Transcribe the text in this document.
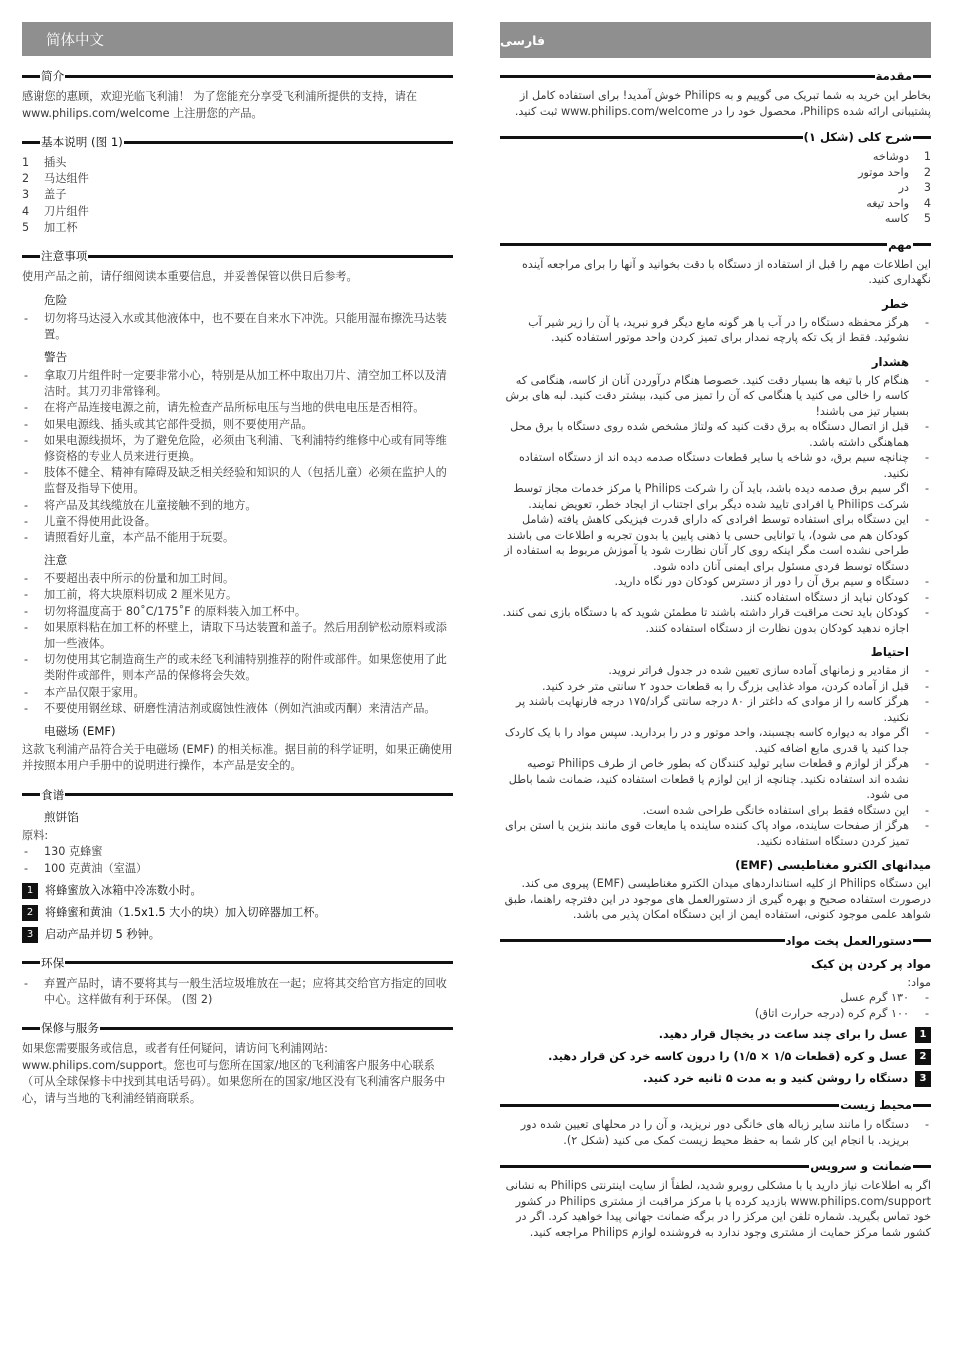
简体中文
简介

感谢您的惠顾，欢迎光临飞利浦！ 为了您能充分享受飞利浦所提供的支持，请在 www.philips.com/welcome 上注册您的产品。

基本说明 (图 1)
1 插头
2 马达组件
3 盖子
4 刀片组件
5 加工杯
注意事项

使用产品之前，请仔细阅读本重要信息，并妥善保管以供日后参考。

危险
- 切勿将马达浸入水或其他液体中，也不要在自来水下冲洗。只能用湿布擦洗马达装置。
警告
- 拿取刀片组件时一定要非常小心，特别是从加工杯中取出刀片、清空加工杯以及清洁时。其刀刃非常锋利。
- 在将产品连接电源之前，请先检查产品所标电压与当地的供电电压是否相符。
- 如果电源线、插头或其它部件受损，则不要使用产品。
- 如果电源线损坏，为了避免危险，必须由飞利浦、飞利浦特约维修中心或有同等维修资格的专业人员来进行更换。
- 肢体不健全、精神有障碍及缺乏相关经验和知识的人（包括儿童）必须在监护人的监督及指导下使用。
- 将产品及其线缆放在儿童接触不到的地方。
- 儿童不得使用此设备。
- 请照看好儿童，本产品不能用于玩耍。
注意
- 不要超出表中所示的份量和加工时间。
- 加工前，将大块原料切成 2 厘米见方。
- 切勿将温度高于 80˚C/175˚F 的原料装入加工杯中。
- 如果原料粘在加工杯的杯壁上，请取下马达装置和盖子。然后用刮铲松动原料或添加一些液体。
- 切勿使用其它制造商生产的或未经飞利浦特别推荐的附件或部件。如果您使用了此类附件或部件，则本产品的保修将会失效。
- 本产品仅限于家用。
- 不要使用钢丝球、研磨性清洁剂或腐蚀性液体（例如汽油或丙酮）来清洁产品。
电磁场 (EMF)

这款飞利浦产品符合关于电磁场 (EMF) 的相关标准。据目前的科学证明，如果正确使用并按照本用户手册中的说明进行操作，本产品是安全的。

食谱
煎饼馅

原料:

- 130 克蜂蜜
- 100 克黄油（室温）
1	将蜂蜜放入冰箱中冷冻数小时。
2	将蜂蜜和黄油（1.5x1.5 大小的块）加入切碎器加工杯。
3	启动产品并切 5 秒钟。
环保
- 弃置产品时，请不要将其与一般生活垃圾堆放在一起；应将其交给官方指定的回收中心。这样做有利于环保。 (图 2)
保修与服务

如果您需要服务或信息，或者有任何疑问，请访问飞利浦网站: www.philips.com/support。您也可与您所在国家/地区的飞利浦客户服务中心联系（可从全球保修卡中找到其电话号码）。如果您所在的国家/地区没有飞利浦客户服务中心，请与当地的飞利浦经销商联系。

فارسی
مقدمة

بخاطر این خرید به شما تبریک می گوییم و به Philips خوش آمدید! برای استفاده کامل از پشتیبانی ارائه شده Philips، محصول خود را در www.philips.com/welcome ثبت کنید.

شرح کلی (شکل ۱)
1
دوشاخه
2
واحد موتور
3
در
4
واحد تیغه
5
کاسه
مهم

این اطلاعات مهم را قبل از استفاده از دستگاه با دقت بخوانید و آنها را برای مراجعه آینده نگهداری کنید.

خطر
- هرگز محفظه دستگاه را در آب یا هر گونه مایع دیگر فرو نبرید، یا آن را زیر شیر آب نشوئید. فقط از یک تکه پارچه نمدار برای تمیز کردن واحد موتور استفاده کنید.
هشدار
- هنگام کار با تیغه ها بسیار دقت کنید. خصوصا هنگام درآوردن آنان از کاسه، هنگامی که کاسه را خالی می کنید یا هنگامی که آن را تمیز می کنید، بیشتر دقت کنید. لبه های برش بسیار تیز می باشند!
- قبل از اتصال دستگاه به برق دقت کنید که ولتاژ مشخص شده روی دستگاه با برق محل هماهنگی داشته باشد.
- چنانچه سیم برق، دو شاخه یا سایر قطعات دستگاه صدمه دیده اند از دستگاه استفاده نکنید.
- اگر سیم برق صدمه دیده باشد، باید آن را شرکت Philips یا مرکز خدمات مجاز توسط شرکت Philips یا افرادی تایید شده دیگر برای اجتناب از ایجاد خطر، تعویض نمایند.
- این دستگاه برای استفاده توسط افرادی که دارای قدرت فیزیکی کاهش یافته (شامل کودکان هم می شود)، یا توانایی حسی یا ذهنی پایین یا بدون تجربه و اطلاعات می باشند طراحی نشده است مگر اینکه روی کار آنان نظارت شود یا آموزش مربوط به استفاده از دستگاه توسط فردی مسئول برای ایمنی آنان داده شود.
- دستگاه و سیم برق آن را دور از دسترس کودکان دور نگاه دارید.
- کودکان نباید از دستگاه استفاده کنند.
- کودکان باید تحت مراقبت قرار داشته باشند تا مطمئن شوید که با دستگاه بازی نمی کنند. اجازه ندهید کودکان بدون نظارت از دستگاه استفاده کنند.
احتیاط
- از مقادیر و زمانهای آماده سازی تعیین شده در جدول فراتر نروید.
- قبل از آماده کردن، مواد غذایی بزرگ را به قطعات حدود ۲ سانتی متر خرد کنید.
- هرگز کاسه را از موادی که داغتر از ۸۰ درجه سانتی گراد/۱۷۵ درجه فارنهایت باشند پر نکنید.
- اگر مواد به دیواره کاسه بچسبند، واحد موتور و در را بردارید. سپس مواد را با یک کاردک جدا کنید یا قدری مایع اضافه کنید.
- هرگز از لوازم و قطعات سایر تولید کنندگان که بطور خاص از طرف Philips توصیه نشده اند استفاده نکنید. چنانچه از این لوازم یا قطعات استفاده کنید، ضمانت شما باطل می شود.
- این دستگاه فقط برای استفاده خانگی طراحی شده است.
- هرگز از صفحات ساینده، مواد پاک کننده ساینده یا مایعات قوی مانند بنزین یا استن برای تمیز کردن دستگاه استفاده نکنید.
میدانهای الکترو مغناطیسی (EMF)

این دستگاه Philips از کلیه استانداردهای میدان الکترو مغناطیسی (EMF) پیروی می کند. درصورت استفاده صحیح و بهره گیری از دستورالعمل های موجود در این دفترچه راهنما، طبق شواهد علمی موجود کنونی، استفاده ایمن از این دستگاه امکان پذیر می باشد.

دستورالعمل پخت مواد
مواد پر کردن پن کیک

مواد:

- ۱۳۰ گرم عسل
- ۱۰۰ گرم کره (درجه حرارت اتاق)
1
عسل را برای چند ساعت در یخچال قرار دهید.
2
عسل و کره (قطعات ۱/۵ × ۱/۵) را درون کاسه خرد کن قرار دهید.
3
دستگاه را روشن کنید و به مدت ۵ ثانیه خرد کنید.
محیط زیست
- دستگاه را مانند سایر زباله های خانگی دور نریزید، و آن را در محلهای تعیین شده دور بریزید. با انجام این کار شما به حفظ محیط زیست کمک می کنید (شکل ۲).
ضمانت و سرویس

اگر به اطلاعات نیاز دارید یا با مشکلی روبرو شدید، لطفاً از سایت اینترنتی Philips به نشانی www.philips.com/support بازدید کرده یا با مرکز مراقبت از مشتری Philips در کشور خود تماس بگیرید. شماره تلفن این مرکز را در برگه ضمانت جهانی پیدا خواهید کرد. اگر در کشور شما مرکز حمایت از مشتری وجود ندارد به فروشنده لوازم Philips مراجعه کنید.
